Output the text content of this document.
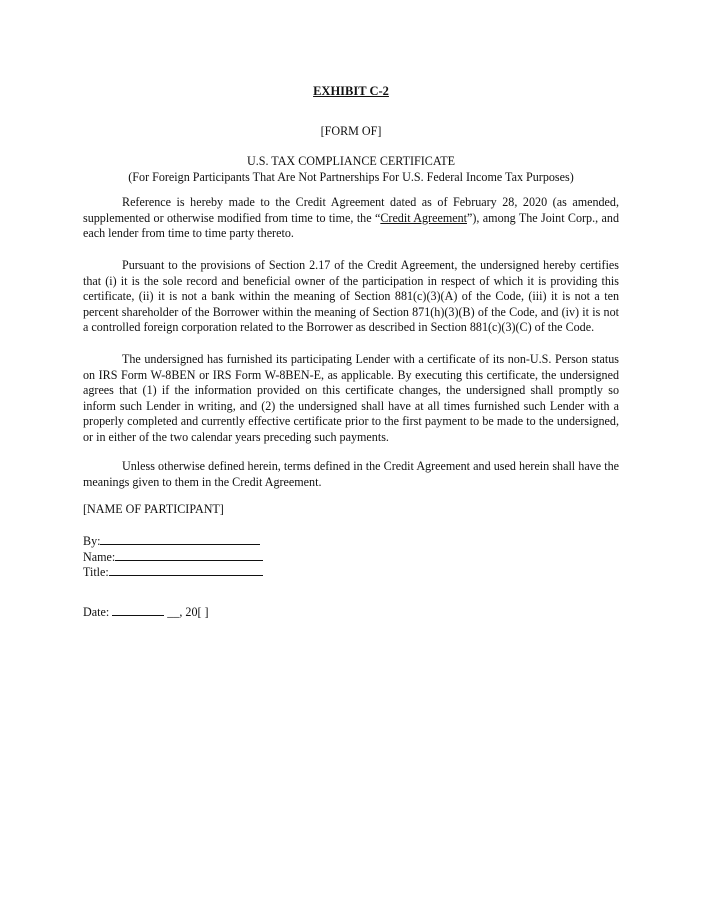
EXHIBIT C-2
[FORM OF]
U.S. TAX COMPLIANCE CERTIFICATE
(For Foreign Participants That Are Not Partnerships For U.S. Federal Income Tax Purposes)

Reference is hereby made to the Credit Agreement dated as of February 28, 2020 (as amended, supplemented or otherwise modified from time to time, the “Credit Agreement”), among The Joint Corp., and each lender from time to time party thereto.

Pursuant to the provisions of Section 2.17 of the Credit Agreement, the undersigned hereby certifies that (i) it is the sole record and beneficial owner of the participation in respect of which it is providing this certificate, (ii) it is not a bank within the meaning of Section 881(c)(3)(A) of the Code, (iii) it is not a ten percent shareholder of the Borrower within the meaning of Section 871(h)(3)(B) of the Code, and (iv) it is not a controlled foreign corporation related to the Borrower as described in Section 881(c)(3)(C) of the Code.

The undersigned has furnished its participating Lender with a certificate of its non-U.S. Person status on IRS Form W-8BEN or IRS Form W-8BEN-E, as applicable. By executing this certificate, the undersigned agrees that (1) if the information provided on this certificate changes, the undersigned shall promptly so inform such Lender in writing, and (2) the undersigned shall have at all times furnished such Lender with a properly completed and currently effective certificate prior to the first payment to be made to the undersigned, or in either of the two calendar years preceding such payments.

Unless otherwise defined herein, terms defined in the Credit Agreement and used herein shall have the meanings given to them in the Credit Agreement.

[NAME OF PARTICIPANT]
By:
Name:
Title:
Date:	__, 20[ ]
